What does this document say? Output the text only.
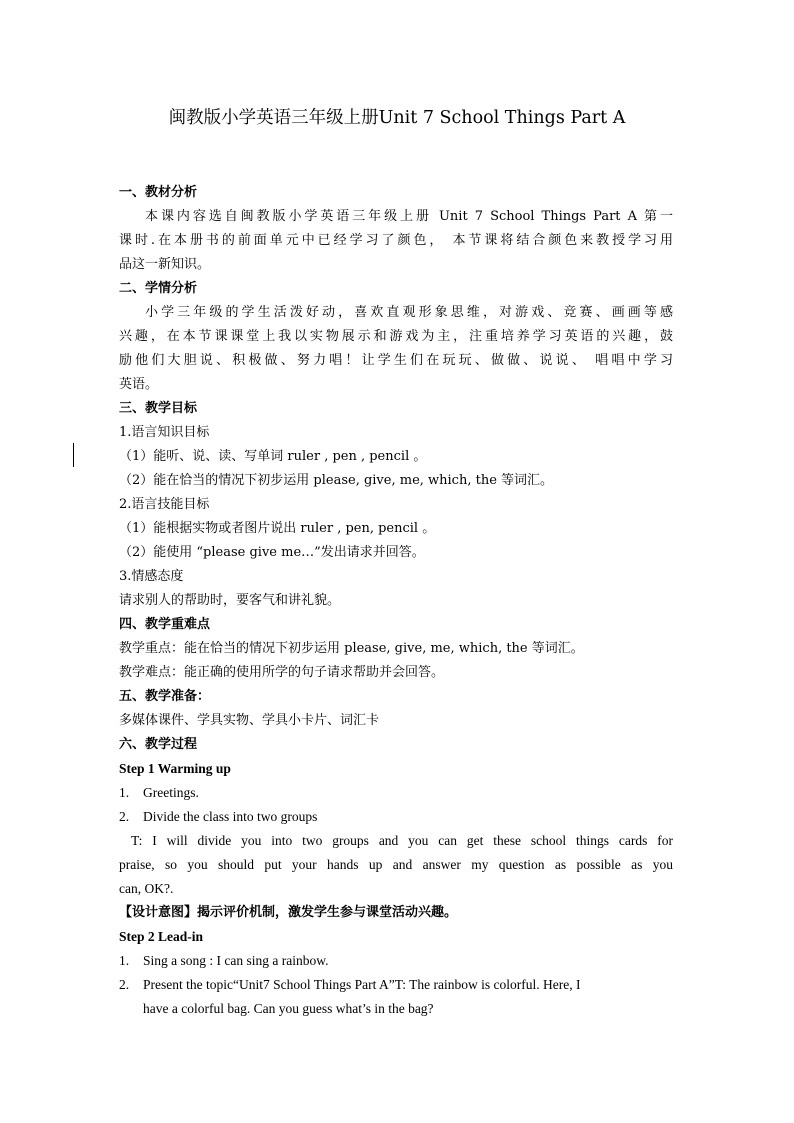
闽教版小学英语三年级上册Unit 7 School Things Part A
一、教材分析
本课内容选自闽教版小学英语三年级上册 Unit 7 School Things Part A 第一
课时.在本册书的前面单元中已经学习了颜色， 本节课将结合颜色来教授学习用
品这一新知识。
二、学情分析
小学三年级的学生活泼好动，喜欢直观形象思维，对游戏、竞赛、画画等感
兴趣，在本节课课堂上我以实物展示和游戏为主，注重培养学习英语的兴趣，鼓
励他们大胆说、积极做、努力唱！让学生们在玩玩、做做、说说、 唱唱中学习
英语。
三、教学目标
1.语言知识目标
（1）能听、说、读、写单词 ruler , pen , pencil 。
（2）能在恰当的情况下初步运用 please, give, me, which, the 等词汇。
2.语言技能目标
（1）能根据实物或者图片说出 ruler , pen, pencil 。
（2）能使用 “please give me…”发出请求并回答。
3.情感态度
请求别人的帮助时，要客气和讲礼貌。
四、教学重难点
教学重点：能在恰当的情况下初步运用 please, give, me, which, the 等词汇。
教学难点：能正确的使用所学的句子请求帮助并会回答。
五、教学准备：
多媒体课件、学具实物、学具小卡片、词汇卡
六、教学过程
Step 1 Warming up
1. Greetings.
2. Divide the class into two groups
T: I will divide you into two groups and you can get these school things cards for
praise, so you should put your hands up and answer my question as possible as you
can, OK?.
【设计意图】揭示评价机制，激发学生参与课堂活动兴趣。
Step 2 Lead-in
1. Sing a song : I can sing a rainbow.
2. Present the topic“Unit7 School Things Part A”T: The rainbow is colorful. Here, I
have a colorful bag. Can you guess what’s in the bag?
